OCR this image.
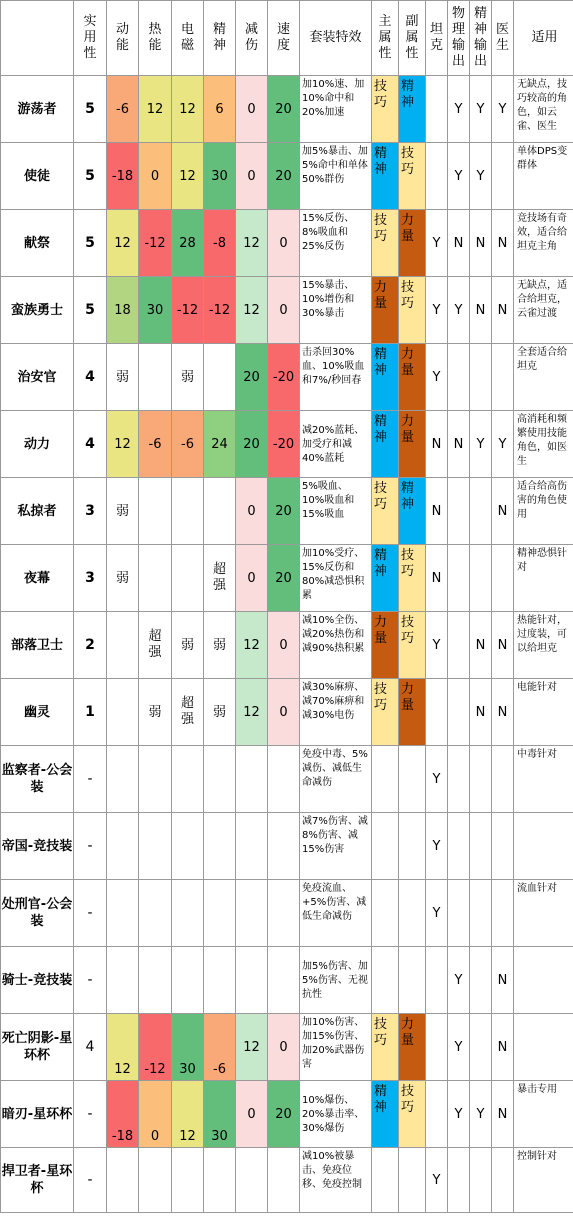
	实用性	动能	热能	电磁	精神	减伤	速度	套装特效	主属性	副属性	坦克	物理输出	精神输出	医生	适用
游荡者	5	-6	12	12	6	0	20	加10%速、加10%命中和20%加速	技巧	精神		Y	Y	Y	无缺点，技巧较高的角色，如云雀、医生
使徒	5	-18	0	12	30	0	20	加5%暴击、加5%命中和单体50%群伤	精神	技巧		Y	Y		单体DPS变群体
献祭	5	12	-12	28	-8	12	0	15%反伤、8%吸血和25%反伤	技巧	力量	Y	N	N	N	竞技场有奇效，适合给坦克主角
蛮族勇士	5	18	30	-12	-12	12	0	15%暴击、10%增伤和30%暴击	力量	技巧	Y	Y	N	N	无缺点，适合给坦克，云雀过渡
治安官	4	弱		弱		20	-20	击杀回30%血、10%吸血和7%/秒回春	精神	力量	Y				全套适合给坦克
动力	4	12	-6	-6	24	20	-20	减20%蓝耗、加受疗和减40%蓝耗	精神	力量	N	N	Y	Y	高消耗和频繁使用技能角色，如医生
私掠者	3	弱				0	20	5%吸血、10%吸血和15%吸血	技巧	精神	N			N	适合给高伤害的角色使用
夜幕	3	弱			超强	0	20	加10%受疗、15%反伤和80%减恐惧积累	精神	技巧	N				精神恐惧针对
部落卫士	2		超强	弱	弱	12	0	减10%全伤、减20%热伤和减90%热积累	力量	技巧	Y		N	N	热能针对，过度装，可以给坦克
幽灵	1		弱	超强	弱	12	0	减30%麻痹、减70%麻痹和减30%电伤	技巧	力量			N	N	电能针对
监察者-公会装	-							免疫中毒、5%减伤、减低生命减伤			Y				中毒针对
帝国-竞技装	-							减7%伤害、减8%伤害、减15%伤害			Y				
处刑官-公会装	-							免疫流血、+5%伤害、减低生命减伤			Y				流血针对
骑士-竞技装	-							加5%伤害、加5%伤害、无视抗性				Y		N	
死亡阴影-星环杯	4	12	-12	30	-6	12	0	加10%伤害、加15%伤害、加20%武器伤害	技巧	力量		Y		N	
暗刃-星环杯	-	-18	0	12	30	0	20	10%爆伤、20%暴击率、30%爆伤	精神	技巧		Y	Y	N	暴击专用
捍卫者-星环杯	-							减10%被暴击、免疫位移、免疫控制			Y				控制针对
